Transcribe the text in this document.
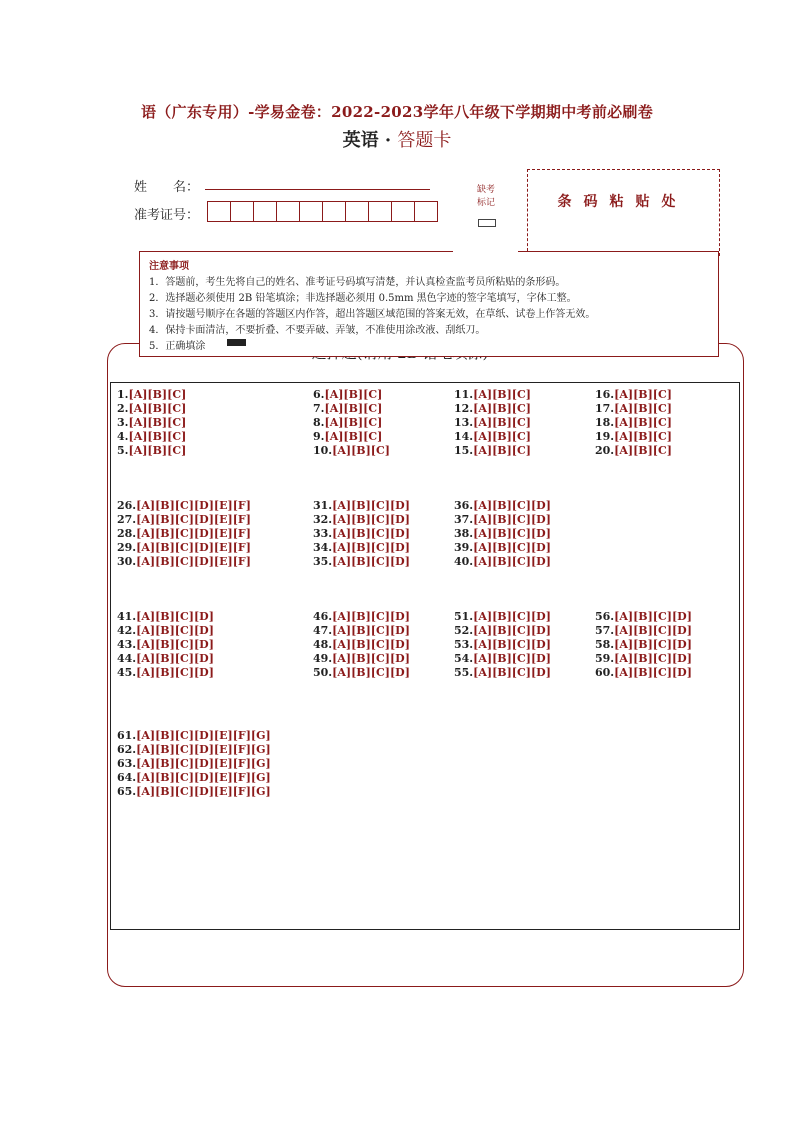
语（广东专用）-学易金卷：2022-2023学年八年级下学期期中考前必刷卷
英语 · 答题卡
姓　　名：
准考证号：
缺考
标记	条码粘贴处
注意事项
1．答题前，考生先将自己的姓名、准考证号码填写清楚，并认真检查监考员所粘贴的条形码。
2．选择题必须使用 2B 铅笔填涂；非选择题必须用 0.5mm 黑色字迹的签字笔填写，字体工整。
3．请按题号顺序在各题的答题区内作答，超出答题区域范围的答案无效，在草纸、试卷上作答无效。
4．保持卡面清洁，不要折叠、不要弄破、弄皱，不准使用涂改液、刮纸刀。
5．正确填涂
1.[A][B][C]
2.[A][B][C]
3.[A][B][C]
4.[A][B][C]
5.[A][B][C]
6.[A][B][C]
7.[A][B][C]
8.[A][B][C]
9.[A][B][C]
10.[A][B][C]
11.[A][B][C]
12.[A][B][C]
13.[A][B][C]
14.[A][B][C]
15.[A][B][C]
16.[A][B][C]
17.[A][B][C]
18.[A][B][C]
19.[A][B][C]
20.[A][B][C]
26.[A][B][C][D][E][F]
27.[A][B][C][D][E][F]
28.[A][B][C][D][E][F]
29.[A][B][C][D][E][F]
30.[A][B][C][D][E][F]
31.[A][B][C][D]
32.[A][B][C][D]
33.[A][B][C][D]
34.[A][B][C][D]
35.[A][B][C][D]
36.[A][B][C][D]
37.[A][B][C][D]
38.[A][B][C][D]
39.[A][B][C][D]
40.[A][B][C][D]
41.[A][B][C][D]
42.[A][B][C][D]
43.[A][B][C][D]
44.[A][B][C][D]
45.[A][B][C][D]
46.[A][B][C][D]
47.[A][B][C][D]
48.[A][B][C][D]
49.[A][B][C][D]
50.[A][B][C][D]
51.[A][B][C][D]
52.[A][B][C][D]
53.[A][B][C][D]
54.[A][B][C][D]
55.[A][B][C][D]
56.[A][B][C][D]
57.[A][B][C][D]
58.[A][B][C][D]
59.[A][B][C][D]
60.[A][B][C][D]
61.[A][B][C][D][E][F][G]
62.[A][B][C][D][E][F][G]
63.[A][B][C][D][E][F][G]
64.[A][B][C][D][E][F][G]
65.[A][B][C][D][E][F][G]
